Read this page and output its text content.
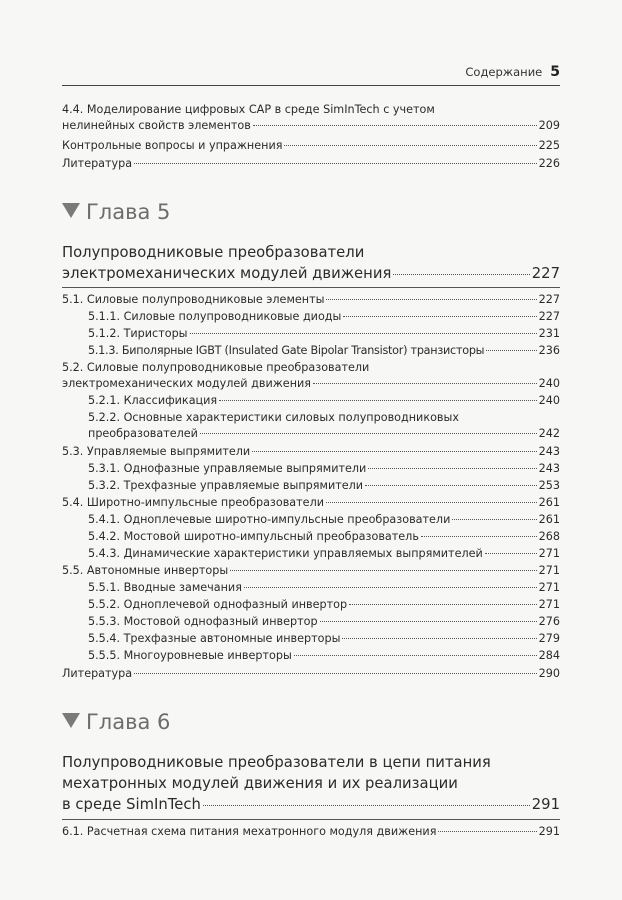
Содержание 5
4.4. Моделирование цифровых САР в среде SimInTech с учетом
нелинейных свойств элементов	209
Контрольные вопросы и упражнения	225
Литература	226
Глава 5
Полупроводниковые преобразователи
электромеханических модулей движения	227
5.1. Силовые полупроводниковые элементы	227
5.1.1. Силовые полупроводниковые диоды	227
5.1.2. Тиристоры	231
5.1.3. Биполярные IGBT (Insulated Gate Bipolar Transistor) транзисторы	236
5.2. Силовые полупроводниковые преобразователи
электромеханических модулей движения	240
5.2.1. Классификация	240
5.2.2. Основные характеристики силовых полупроводниковых
преобразователей	242
5.3. Управляемые выпрямители	243
5.3.1. Однофазные управляемые выпрямители	243
5.3.2. Трехфазные управляемые выпрямители	253
5.4. Широтно-импульсные преобразователи	261
5.4.1. Одноплечевые широтно-импульсные преобразователи	261
5.4.2. Мостовой широтно-импульсный преобразователь	268
5.4.3. Динамические характеристики управляемых выпрямителей	271
5.5. Автономные инверторы	271
5.5.1. Вводные замечания	271
5.5.2. Одноплечевой однофазный инвертор	271
5.5.3. Мостовой однофазный инвертор	276
5.5.4. Трехфазные автономные инверторы	279
5.5.5. Многоуровневые инверторы	284
Литература	290
Глава 6
Полупроводниковые преобразователи в цепи питания
мехатронных модулей движения и их реализации
в среде SimInTech	291
6.1. Расчетная схема питания мехатронного модуля движения	291
